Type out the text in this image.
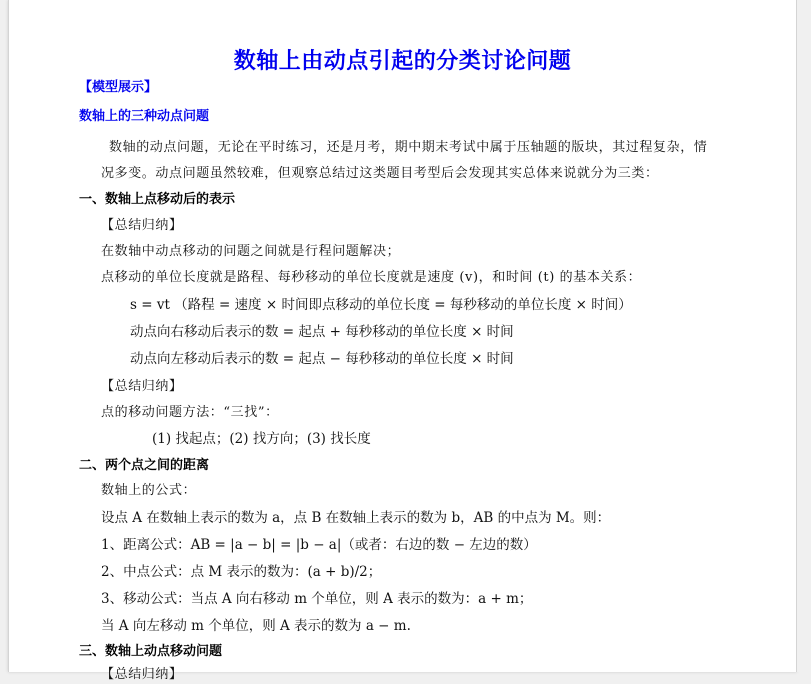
数轴上由动点引起的分类讨论问题
【模型展示】
数轴上的三种动点问题
数轴的动点问题，无论在平时练习，还是月考，期中期末考试中属于压轴题的版块，其过程复杂，情
况多变。动点问题虽然较难，但观察总结过这类题目考型后会发现其实总体来说就分为三类：
一、数轴上点移动后的表示
【总结归纳】
在数轴中动点移动的问题之间就是行程问题解决；
点移动的单位长度就是路程、每秒移动的单位长度就是速度 (v)，和时间 (t) 的基本关系：
s = vt （路程 = 速度 × 时间即点移动的单位长度 = 每秒移动的单位长度 × 时间）
动点向右移动后表示的数 = 起点 + 每秒移动的单位长度 × 时间
动点向左移动后表示的数 = 起点 − 每秒移动的单位长度 × 时间
【总结归纳】
点的移动问题方法：“三找”：
(1) 找起点；(2) 找方向；(3) 找长度
二、两个点之间的距离
数轴上的公式：
设点 A 在数轴上表示的数为 a，点 B 在数轴上表示的数为 b，AB 的中点为 M。则：
1、距离公式：AB = |a − b| = |b − a|（或者：右边的数 − 左边的数）
2、中点公式：点 M 表示的数为：(a + b)/2；
3、移动公式：当点 A 向右移动 m 个单位，则 A 表示的数为：a + m；
当 A 向左移动 m 个单位，则 A 表示的数为 a − m.
三、数轴上动点移动问题
【总结归纳】
